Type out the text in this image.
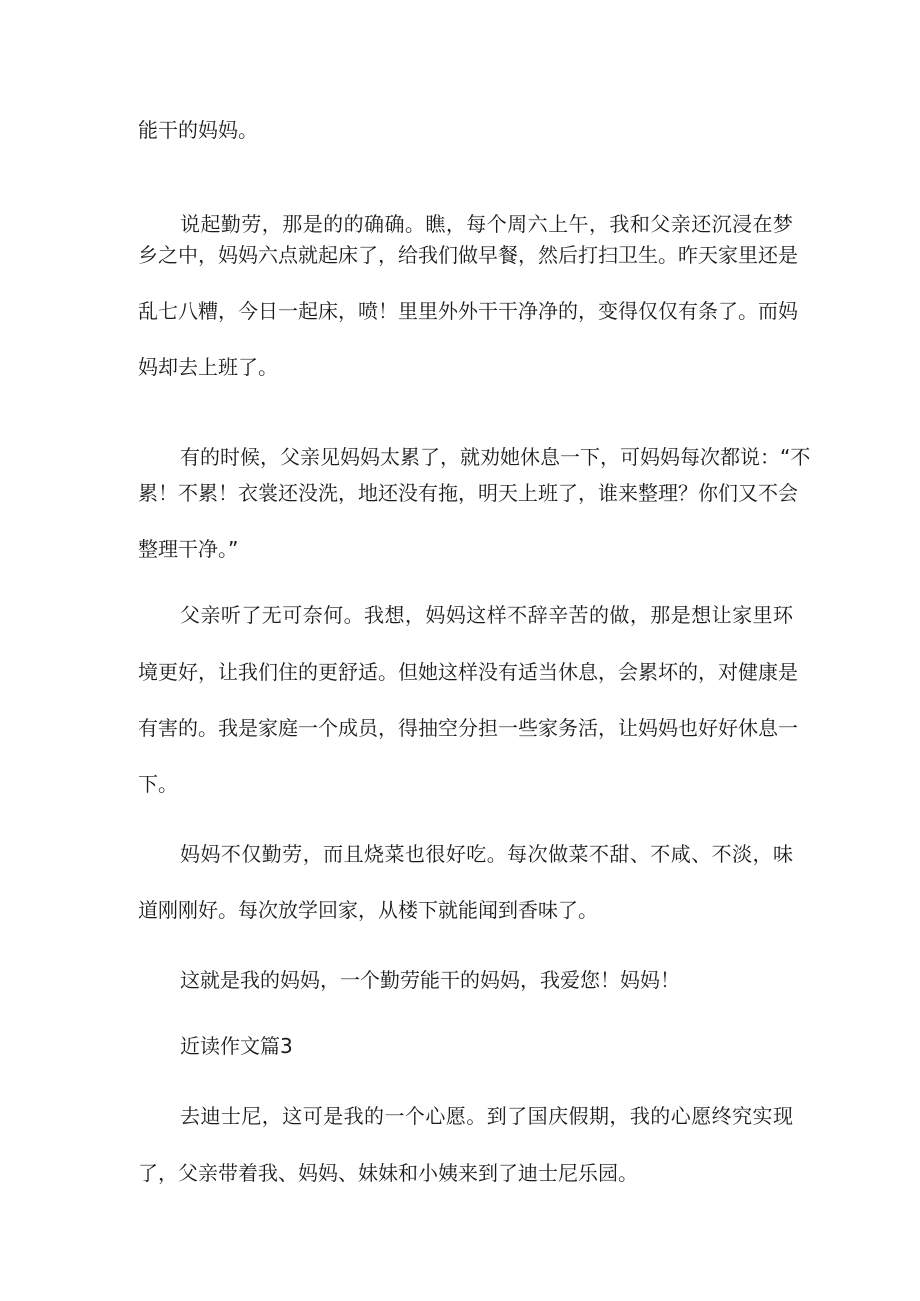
能干的妈妈。
说起勤劳，那是的的确确。瞧，每个周六上午，我和父亲还沉浸在梦
乡之中，妈妈六点就起床了，给我们做早餐，然后打扫卫生。昨天家里还是
乱七八糟，今日一起床，喷！里里外外干干净净的，变得仅仅有条了。而妈
妈却去上班了。
有的时候，父亲见妈妈太累了，就劝她休息一下，可妈妈每次都说：“不
累！不累！衣裳还没洗，地还没有拖，明天上班了，谁来整理？你们又不会
整理干净。”
父亲听了无可奈何。我想，妈妈这样不辞辛苦的做，那是想让家里环
境更好，让我们住的更舒适。但她这样没有适当休息，会累坏的，对健康是
有害的。我是家庭一个成员，得抽空分担一些家务活，让妈妈也好好休息一
下。
妈妈不仅勤劳，而且烧菜也很好吃。每次做菜不甜、不咸、不淡，味
道刚刚好。每次放学回家，从楼下就能闻到香味了。
这就是我的妈妈，一个勤劳能干的妈妈，我爱您！妈妈！
近读作文篇3
去迪士尼，这可是我的一个心愿。到了国庆假期，我的心愿终究实现
了，父亲带着我、妈妈、妹妹和小姨来到了迪士尼乐园。
